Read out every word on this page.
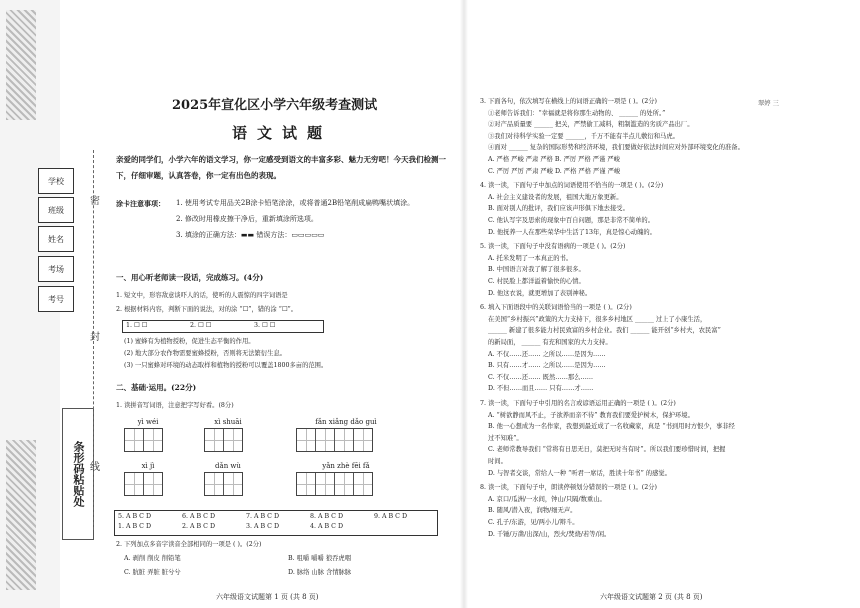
学校
班级
姓名
考场
考号
条形码粘贴处
密
封
线
2025年宣化区小学六年级考查测试
语文试题
亲爱的同学们，小学六年的语文学习，你一定感受到语文的丰富多彩、魅力无穷吧！今天我们检测一下，仔细审题，认真答卷，你一定有出色的表现。
涂卡注意事项： 1. 使用考试专用品关2B涂卡铅笔涂涂，或将普通2B铅笔削成扁鸭嘴状填涂。
2. 修改时用橡皮擦干净后，重新填涂所选项。
3. 填涂的正确方法：▬▬ 错误方法：▭▭▭▭▭
一、用心听老师读一段话，完成练习。(4分)
1. 短文中，形容敌意谈吓人的话，使听的人震惊的四字词语是
2. 根据材料内容，判断下面的说法，对的涂 “☐”，错的涂 “☐”。
1. ☐ ☐	2. ☐ ☐	3. ☐ ☐
(1) 蜜蜂有为植物授粉，促进生态平衡的作用。
(2) 地大部分农作物需要蜜蜂授粉，否则将无法繁衍生息。
(3) 一只蜜蜂对环境的动态取样和植物的授粉可以覆盖1800多亩的范围。
二、基础·运用。(22分)
1. 读拼音写词语，注意把字写好看。(8分)
yì wéi	xì shuāi	fǎn xiǎng dǎo guì
xì jì	dǎn wù	yǎn zhè fēi fǎ
5. A B C D	6. A B C D	7. A B C D	8. A B C D	9. A B C D
1. A B C D	2. A B C D	3. A B C D	4. A B C D
2. 下列加点多音字读音全部相同的一项是 ( )。(2分)
A. 剥削 削皮 削铅笔	B. 咀嚼 嚼嚼 狼吞虎咽
C. 肮脏 弄脏 脏兮兮	D. 脉络 山脉 含情脉脉
六年级语文试题第 1 页 (共 8 页)
翠婷 三
3. 下面各句，依次填写在横线上的词语正确的一项是 ( )。(2分)
①老师告诉我们：“幸福就是将你那生动物的、 ______ 的处所。”
②对产品质量要 ______ 把关，严禁偷工减料，粗制滥造的劣质产品出厂。
③我们对待科学实验一定要 ______，千万不能有半点儿敷衍和马虎。
④面对 ______ 复杂的国际形势和经济环境，我们要做好依法时间应对外部环境变化的准备。
A. 严格 严峻 严肃 严格 B. 严厉 严格 严谨 严峻
C. 严厉 严厉 严肃 严峻 D. 严格 严格 严谨 严峻
4. 读一读，下面句子中加点的词语使用不恰当的一项是 ( )。(2分)
A. 社会主义建设者的发展，祖国大地万象更新。
B. 面对别人的批评，我们应该声形俱下地去接受。
C. 他认写字及思索的现象中百自问题，那是非常不简单的。
D. 他抚养一人在那些荣华中生活了13年，真是惊心动魄的。
5. 读一读，下面句子中没有语病的一项是 ( )。(2分)
A. 托米发明了一本真正的书。
B. 中国语言对我了解了很多很多。
C. 村民脸上都洋溢着愉快的心情。
D. 他这衣说，就更增加了表别神秘。
6. 填入下面语段中的关联词语恰当的一项是 ( )。(2分)
在美国“乡村振兴”政策的大力支持下，很多乡村地区 ______ 过上了小康生活，
______ 新建了很多能力村民致富的乡村企业。我们 ______ 能开创“乡村夫，农民富”
的新局面， ______ 有充和国家的大力支持。
A. 不仅……还…… 之所以……是因为……
B. 只有……才…… 之所以……是因为……
C. 不仅……还…… 既然……那么……
D. 不但……而且…… 只有……才……
7. 读一读，下面句子中引用的名言或谚语运用正确的一项是 ( )。(2分)
A. “树欲静而风不止，子欲养而亲不待” 教育我们要爱护树木，保护环境。
B. 他一心想成为一名作家，我想到最近成了一名收藏家，真是 “书到用时方恨少，事非经
过不知难”。
C. 老师常教导我们 “常将有日思无日，莫把无时当有时”。所以我们要珍惜时间，把握
时间。
D. 与智者交谈，常给人一种 “听君一席话，胜读十年书” 的感觉。
8. 读一读，下面句子中，朗读停顿划分错误的一项是 ( )。(2分)
A. 京口/瓜洲/一水间，钟山/只隔/数重山。
B. 随风/潜入夜，润物/细无声。
C. 孔子/东游，见/两小儿/辩斗。
D. 千锤/万凿/出深/山，烈火/焚烧/若等/闲。
六年级语文试题第 2 页 (共 8 页)
